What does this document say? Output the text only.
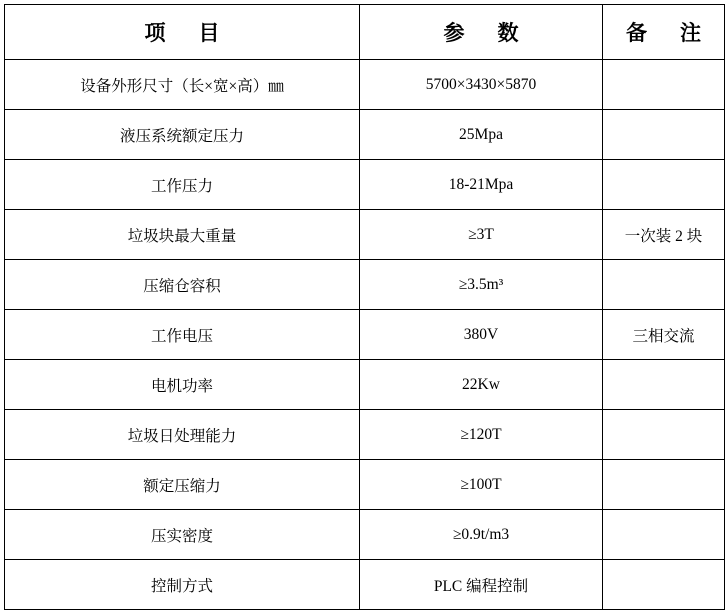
项　目	参　数	备　注
设备外形尺寸（长×宽×高）㎜	5700×3430×5870	
液压系统额定压力	25Mpa	
工作压力	18-21Mpa	
垃圾块最大重量	≥3T	一次装 2 块
压缩仓容积	≥3.5m³	
工作电压	380V	三相交流
电机功率	22Kw	
垃圾日处理能力	≥120T	
额定压缩力	≥100T	
压实密度	≥0.9t/m3	
控制方式	PLC 编程控制	
